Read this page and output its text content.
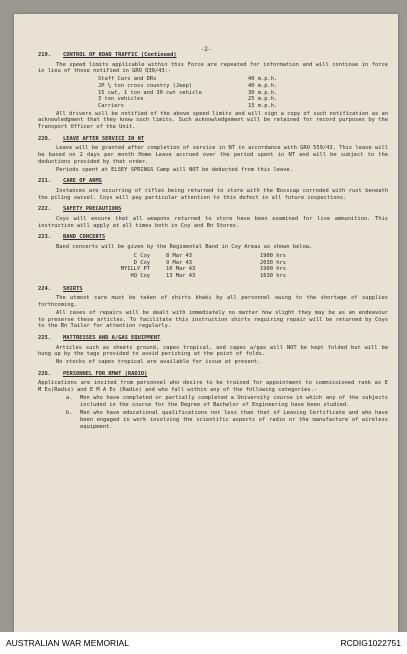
-2-
219. CONTROL OF ROAD TRAFFIC (Continued)
The speed limits applicable within this Force are repeated for information and will continue in force in lieu of those notified in GRO Q30/43:-
Staff Cars and DRs	40 m.p.h.
JP ¼ ton cross country (Jeep)	40 m.p.h.
15 cwt, 1 ton and 30 cwt vehicle	30 m.p.h.
3 ton vehicles	25 m.p.h.
Carriers	15 m.p.h.
All drivers will be notified of the above speed limits and will sign a copy of such notification as an acknowledgment that they know such limits. Such acknowledgement will be retained for record purposes by the Transport Officer of the Unit.
220. LEAVE AFTER SERVICE IN NT
Leave will be granted after completion of service in NT in accordance with GRO 559/43. This leave will be based on 2 days per month Home Leave accrued over the period spent in NT and will be subject to the deductions provided by that order.
Periods spent at ELSEY SPRINGS Camp will NOT be deducted from this leave.
221. CARE OF ARMS
Instances are occurring of rifles being returned to store with the Bosscap corroded with rust beneath the piling swivel. Coys will pay particular attention to this defect in all future inspections.
222. SAFETY PRECAUTIONS
Coys will ensure that all weapons returned to store have been examined for live ammunition. This instruction will apply at all times both in Coy and Bn Stores.
223. BAND CONCERTS
Band concerts will be given by the Regimental Band in Coy Areas as shown below.
C Coy	8 Mar 43	1900 hrs
D Coy	9 Mar 43	2030 hrs
MYILLY PT	10 Mar 43	1900 hrs
HQ Coy	13 Mar 43	1630 hrs
224. SHIRTS
The utmost care must be taken of shirts khaki by all personnel owing to the shortage of supplies forthcoming.
All cases of repairs will be dealt with immediately no matter how slight they may be as an endeavour to preserve these articles. To facilitate this instruction shirts requiring repair will be returned by Coys to the Bn Tailor for attention regularly.
225. MATTRESSES AND A/GAS EQUIPMENT
Articles such as sheets ground, capes tropical, and capes a/gas will NOT be kept folded but will be hung up by the tags provided to avoid perishing at the point of folds.
No stocks of capes tropical are available for issue at present.
226. PERSONNEL FOR RMWT (RADIO)
Applications are invited from personnel who desire to be trained for appointment to commissioned rank as E M Es(Radio) and E M A Es (Radio) and who fall within any of the following categories.-
a.	Men who have completed or partially completed a University course in which any of the subjects included in the course for the Degree of Bachelor of Engineering have been studied.
b.	Men who have educational qualifications not less than that of Leaving Certificate and who have been engaged in work involving the scientific aspects of radio or the manufacture of wireless equipment.
AUSTRALIAN WAR MEMORIAL	RCDIG1022751
